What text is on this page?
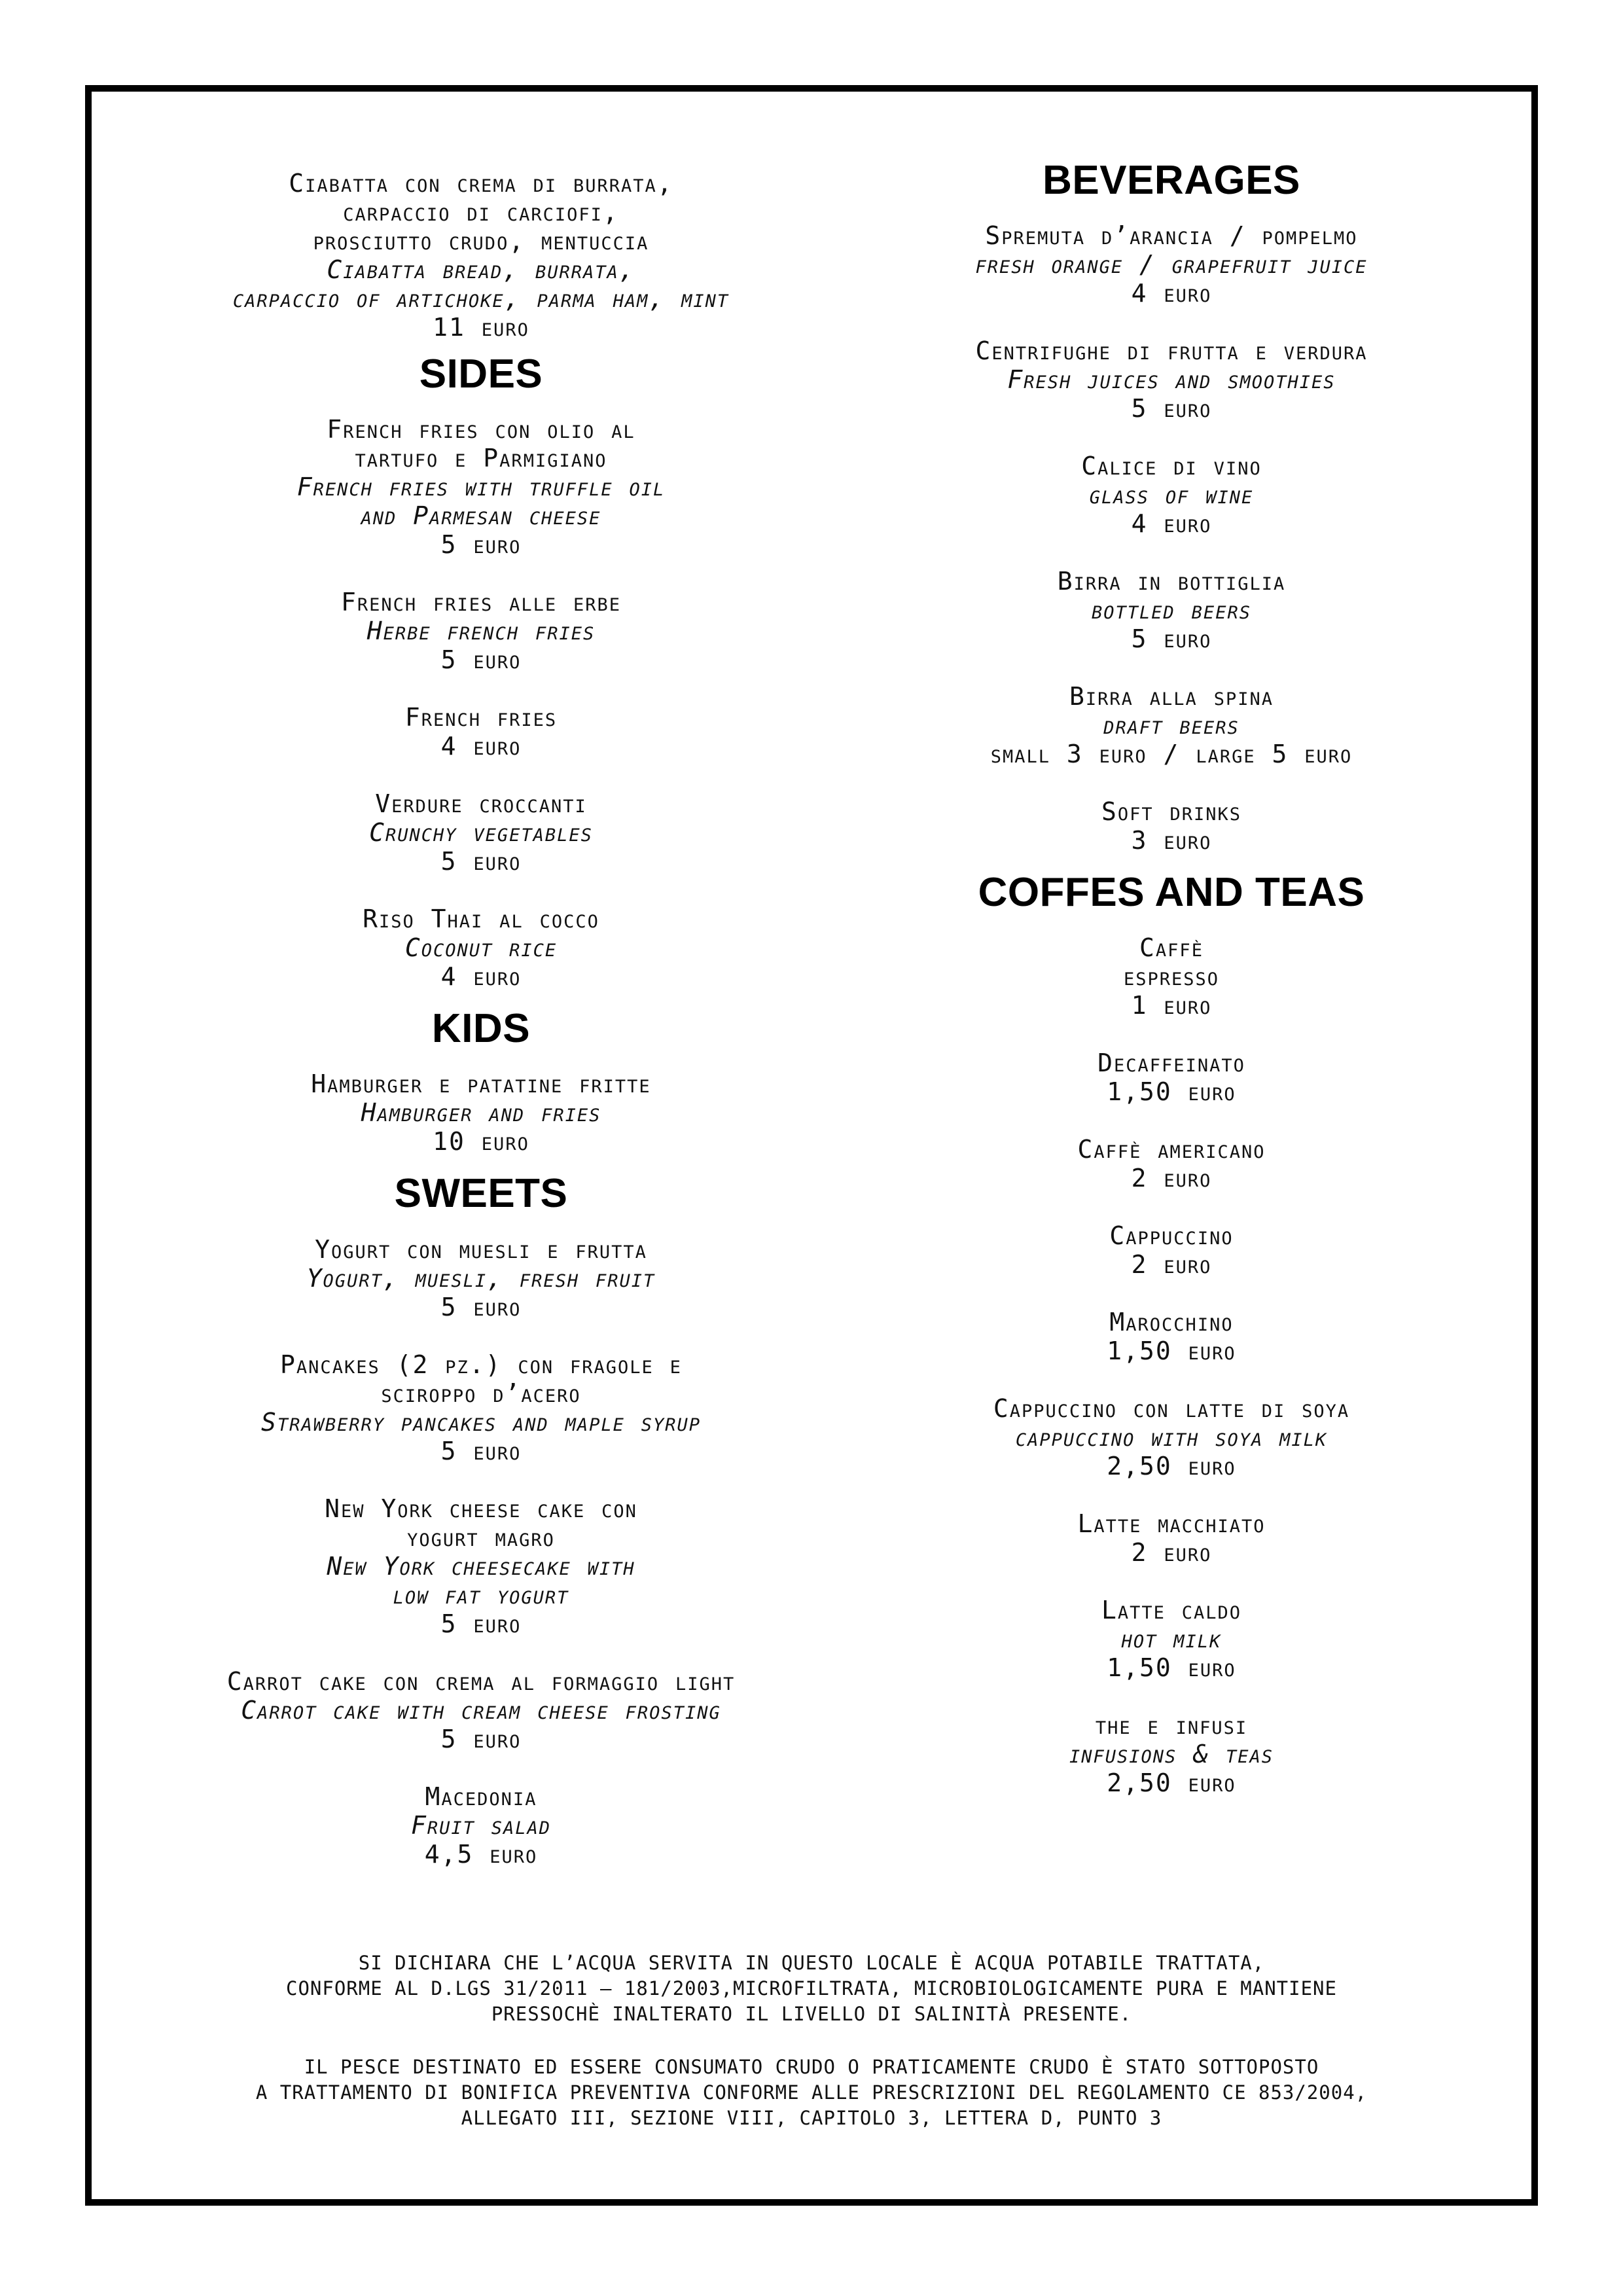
Ciabatta con crema di burrata,

carpaccio di carciofi,

prosciutto crudo, mentuccia

Ciabatta bread, burrata,

carpaccio of artichoke, parma ham, mint

11 euro

SIDES

French fries con olio al

tartufo e Parmigiano

French fries with truffle oil

and Parmesan cheese

5 euro

French fries alle erbe

Herbe french fries

5 euro

French fries

4 euro

Verdure croccanti

Crunchy vegetables

5 euro

Riso Thai al cocco

Coconut rice

4 euro

KIDS

Hamburger e patatine fritte

Hamburger and fries

10 euro

SWEETS

Yogurt con muesli e frutta

Yogurt, muesli, fresh fruit

5 euro

Pancakes (2 pz.) con fragole e

sciroppo d’acero

Strawberry pancakes and maple syrup

5 euro

New York cheese cake con

yogurt magro

New York cheesecake with

low fat yogurt

5 euro

Carrot cake con crema al formaggio light

Carrot cake with cream cheese frosting

5 euro

Macedonia

Fruit salad

4,5 euro

BEVERAGES

Spremuta d’arancia / pompelmo

fresh orange / grapefruit juice

4 euro

Centrifughe di frutta e verdura

Fresh juices and smoothies

5 euro

Calice di vino

glass of wine

4 euro

Birra in bottiglia

bottled beers

5 euro

Birra alla spina

draft beers

small 3 euro / large 5 euro

Soft drinks

3 euro

COFFES AND TEAS

Caffè

espresso

1 euro

Decaffeinato

1,50 euro

Caffè americano

2 euro

Cappuccino

2 euro

Marocchino

1,50 euro

Cappuccino con latte di soya

cappuccino with soya milk

2,50 euro

Latte macchiato

2 euro

Latte caldo

hot milk

1,50 euro

the e infusi

infusions & teas

2,50 euro

SI DICHIARA CHE L’ACQUA SERVITA IN QUESTO LOCALE È ACQUA POTABILE TRATTATA,
CONFORME AL D.LGS 31/2011 – 181/2003,MICROFILTRATA, MICROBIOLOGICAMENTE PURA E MANTIENE
PRESSOCHÈ INALTERATO IL LIVELLO DI SALINITÀ PRESENTE.

IL PESCE DESTINATO ED ESSERE CONSUMATO CRUDO O PRATICAMENTE CRUDO È STATO SOTTOPOSTO
A TRATTAMENTO DI BONIFICA PREVENTIVA CONFORME ALLE PRESCRIZIONI DEL REGOLAMENTO CE 853/2004,
ALLEGATO III, SEZIONE VIII, CAPITOLO 3, LETTERA D, PUNTO 3
